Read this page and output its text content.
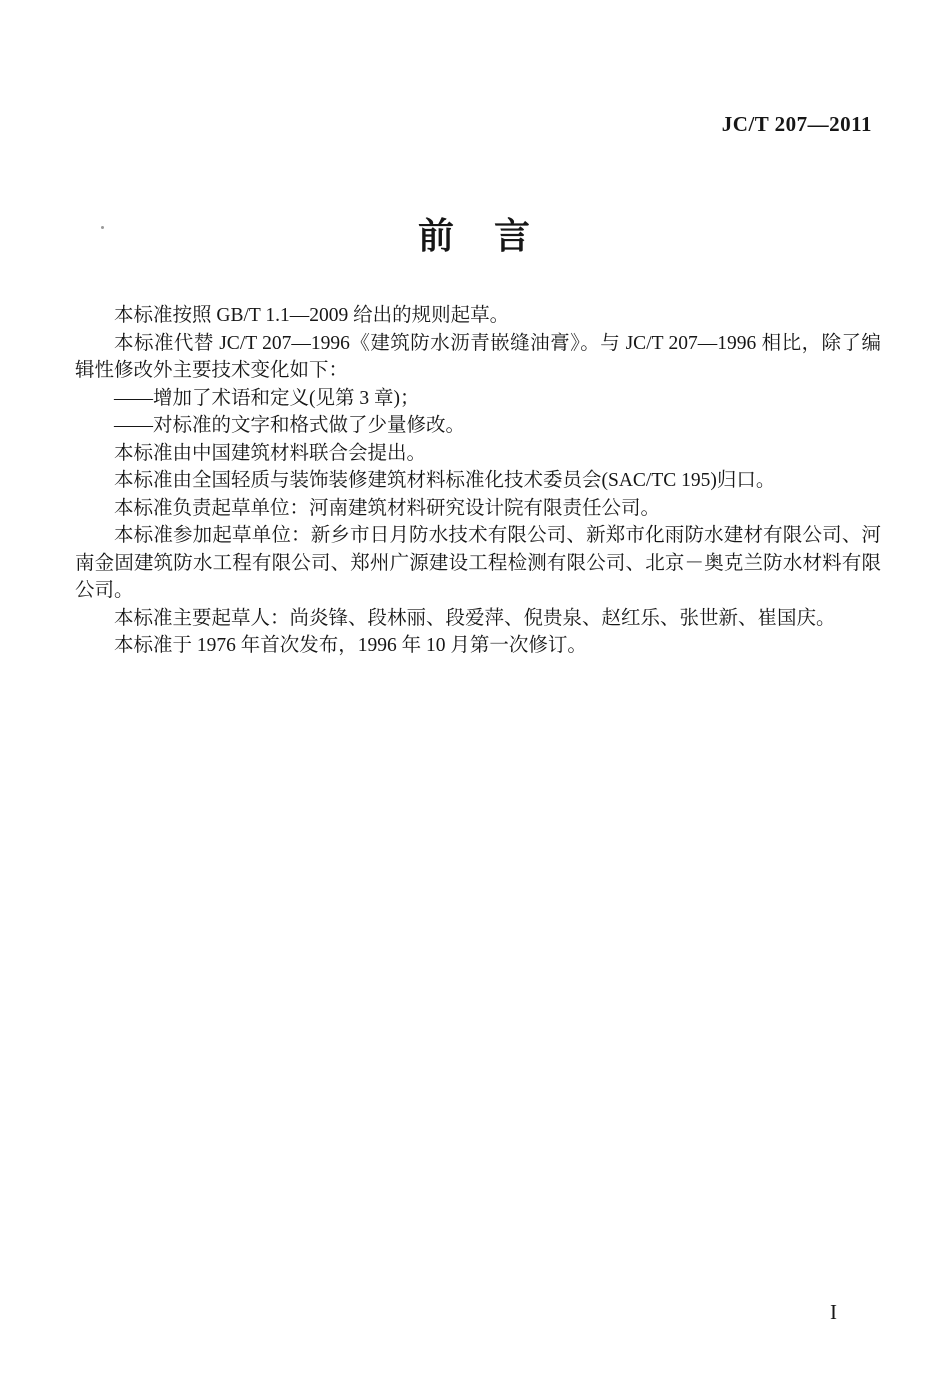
JC/T 207—2011
前　言

本标准按照 GB/T 1.1—2009 给出的规则起草。

本标准代替 JC/T 207—1996《建筑防水沥青嵌缝油膏》。与 JC/T 207—1996 相比，除了编辑性修改外主要技术变化如下：

——增加了术语和定义(见第 3 章)；

——对标准的文字和格式做了少量修改。

本标准由中国建筑材料联合会提出。

本标准由全国轻质与装饰装修建筑材料标准化技术委员会(SAC/TC 195)归口。

本标准负责起草单位：河南建筑材料研究设计院有限责任公司。

本标准参加起草单位：新乡市日月防水技术有限公司、新郑市化雨防水建材有限公司、河南金固建筑防水工程有限公司、郑州广源建设工程检测有限公司、北京－奥克兰防水材料有限公司。

本标准主要起草人：尚炎锋、段林丽、段爱萍、倪贵泉、赵红乐、张世新、崔国庆。

本标准于 1976 年首次发布，1996 年 10 月第一次修订。

I
